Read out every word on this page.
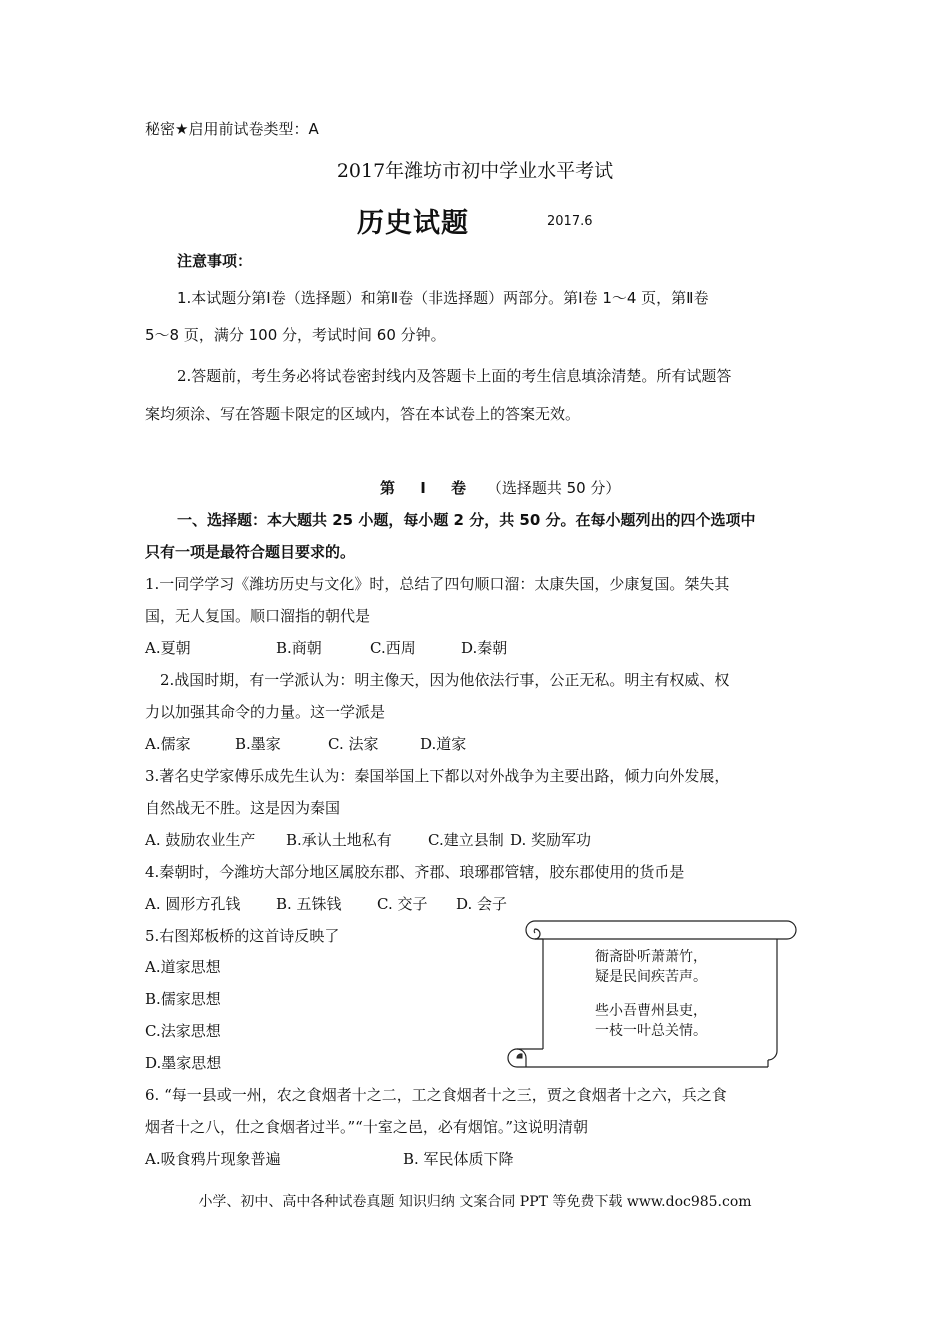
秘密★启用前试卷类型：A
2017年潍坊市初中学业水平考试
历史试题	2017.6
注意事项：
1.本试题分第Ⅰ卷（选择题）和第Ⅱ卷（非选择题）两部分。第Ⅰ卷 1～4 页，第Ⅱ卷
5～8 页，满分 100 分，考试时间 60 分钟。
2.答题前，考生务必将试卷密封线内及答题卡上面的考生信息填涂清楚。所有试题答
案均须涂、写在答题卡限定的区域内，答在本试卷上的答案无效。
第 Ⅰ 卷 （选择题共 50 分）
一、选择题：本大题共 25 小题，每小题 2 分，共 50 分。在每小题列出的四个选项中
只有一项是最符合题目要求的。
1.一同学学习《潍坊历史与文化》时，总结了四句顺口溜：太康失国，少康复国。桀失其
国，无人复国。顺口溜指的朝代是
A.夏朝	B.商朝	C.西周	D.秦朝
2.战国时期，有一学派认为：明主像天，因为他依法行事，公正无私。明主有权威、权
力以加强其命令的力量。这一学派是
A.儒家	B.墨家	C. 法家	D.道家
3.著名史学家傅乐成先生认为：秦国举国上下都以对外战争为主要出路，倾力向外发展，
自然战无不胜。这是因为秦国
A. 鼓励农业生产 B.承认土地私有 C.建立县制 D. 奖励军功
4.秦朝时，今潍坊大部分地区属胶东郡、齐郡、琅琊郡管辖，胶东郡使用的货币是
A. 圆形方孔钱 B. 五铢钱 C. 交子 D. 会子
5.右图郑板桥的这首诗反映了
A.道家思想
B.儒家思想
C.法家思想
D.墨家思想
衙斋卧听萧萧竹，
疑是民间疾苦声。
些小吾曹州县吏，
一枝一叶总关情。
6. “每一县或一州，农之食烟者十之二，工之食烟者十之三，贾之食烟者十之六，兵之食
烟者十之八，仕之食烟者过半。”“十室之邑，必有烟馆。”这说明清朝
A.吸食鸦片现象普遍	B. 军民体质下降
小学、初中、高中各种试卷真题 知识归纳 文案合同 PPT 等免费下载 www.doc985.com
